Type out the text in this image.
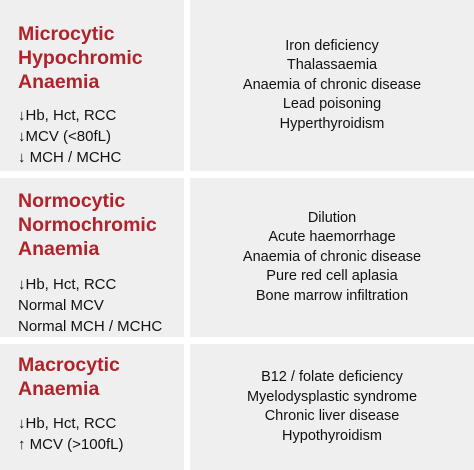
Microcytic
Hypochromic
Anaemia
↓Hb, Hct, RCC
↓MCV (<80fL)
↓ MCH / MCHC
Iron deficiency
Thalassaemia
Anaemia of chronic disease
Lead poisoning
Hyperthyroidism
Normocytic
Normochromic
Anaemia
↓Hb, Hct, RCC
Normal MCV
Normal MCH / MCHC
Dilution
Acute haemorrhage
Anaemia of chronic disease
Pure red cell aplasia
Bone marrow infiltration
Macrocytic
Anaemia
↓Hb, Hct, RCC
↑ MCV (>100fL)
B12 / folate deficiency
Myelodysplastic syndrome
Chronic liver disease
Hypothyroidism
